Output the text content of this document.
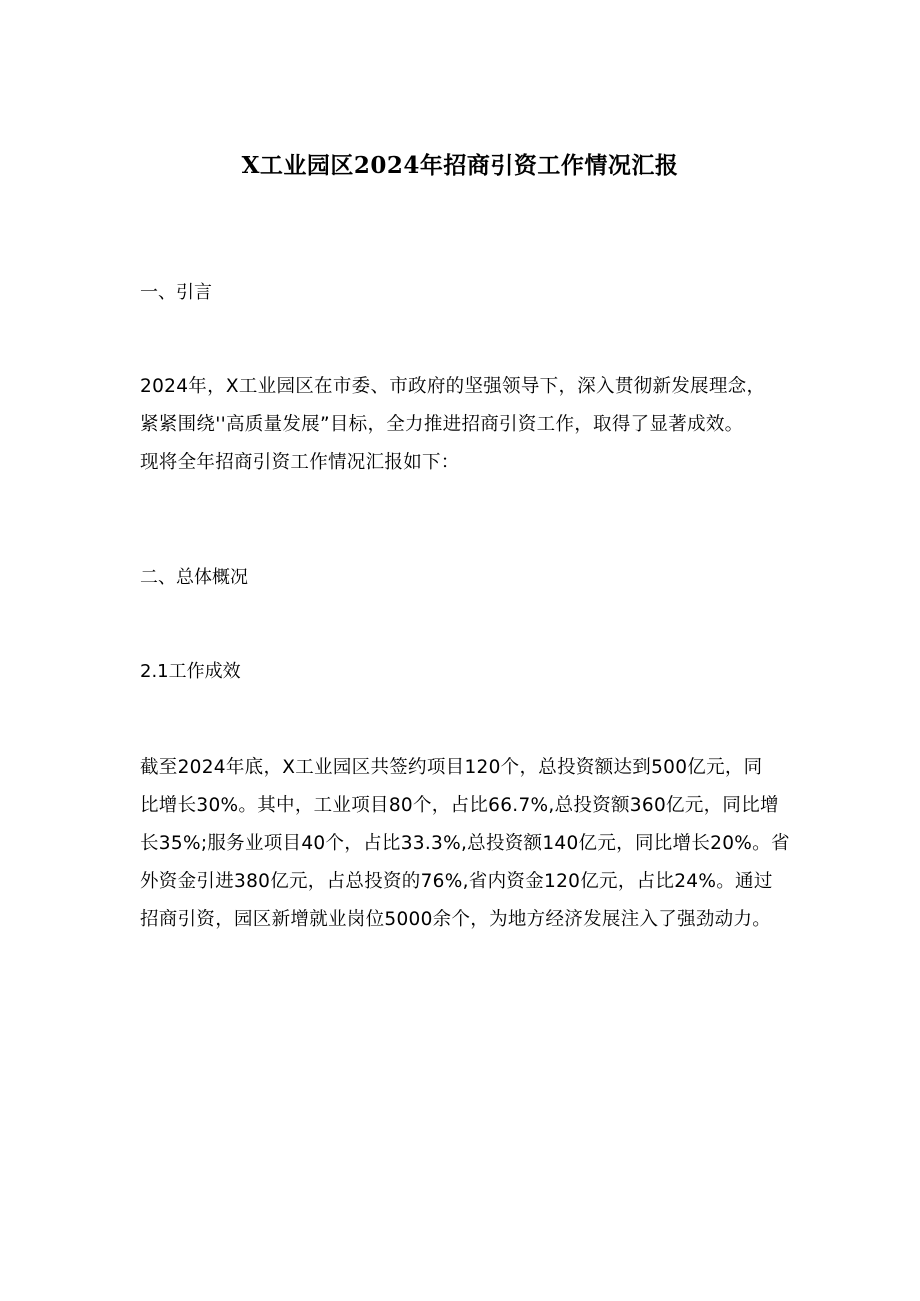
X工业园区2024年招商引资工作情况汇报
一、引言
2024年，X工业园区在市委、市政府的坚强领导下，深入贯彻新发展理念，
紧紧围绕''高质量发展”目标，全力推进招商引资工作，取得了显著成效。
现将全年招商引资工作情况汇报如下：
二、总体概况
2.1工作成效
截至2024年底，X工业园区共签约项目120个，总投资额达到500亿元，同
比增长30%。其中，工业项目80个，占比66.7%,总投资额360亿元，同比增
长35%;服务业项目40个，占比33.3%,总投资额140亿元，同比增长20%。省
外资金引进380亿元，占总投资的76%,省内资金120亿元，占比24%。通过
招商引资，园区新增就业岗位5000余个，为地方经济发展注入了强劲动力。
